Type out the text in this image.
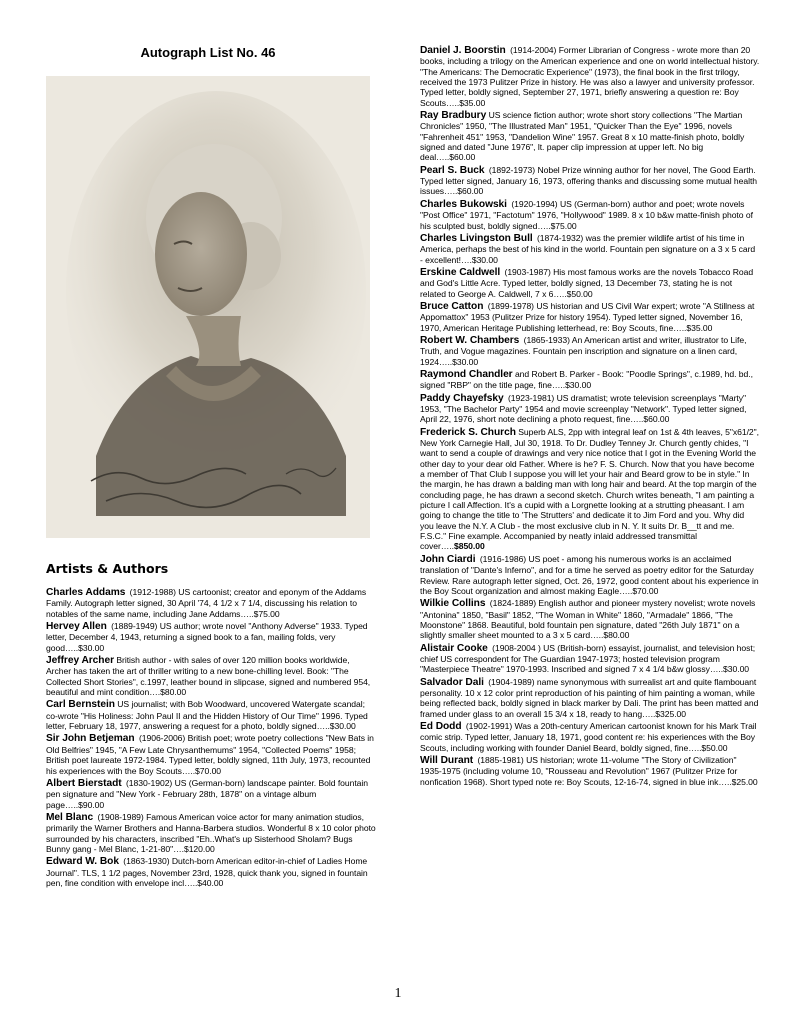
Autograph List No. 46
Artists & Authors
Charles Addams (1912-1988) US cartoonist; creator and eponym of the Addams Family. Autograph letter signed, 30 April '74, 4 1/2 x 7 1/4, discussing his relation to notables of the same name, including Jane Addams…..$75.00
Hervey Allen (1889-1949) US author; wrote novel "Anthony Adverse" 1933. Typed letter, December 4, 1943, returning a signed book to a fan, mailing folds, very good…..$30.00
Jeffrey Archer British author - with sales of over 120 million books worldwide, Archer has taken the art of thriller writing to a new bone-chilling level. Book: "The Collected Short Stories", c.1997, leather bound in slipcase, signed and numbered 954, beautiful and mint condition….$80.00
Carl Bernstein US journalist; with Bob Woodward, uncovered Watergate scandal; co-wrote "His Holiness: John Paul II and the Hidden History of Our Time" 1996. Typed letter, February 18, 1977, answering a request for a photo, boldly signed…..$30.00
Sir John Betjeman (1906-2006) British poet; wrote poetry collections "New Bats in Old Belfries" 1945, "A Few Late Chrysanthemums" 1954, "Collected Poems" 1958; British poet laureate 1972-1984. Typed letter, boldly signed, 11th July, 1973, recounted his experiences with the Boy Scouts…..$70.00
Albert Bierstadt (1830-1902) US (German-born) landscape painter. Bold fountain pen signature and "New York - February 28th, 1878" on a vintage album page…..$90.00
Mel Blanc (1908-1989) Famous American voice actor for many animation studios, primarily the Warner Brothers and Hanna-Barbera studios. Wonderful 8 x 10 color photo surrounded by his characters, inscribed "Eh..What's up Sisterhood Sholam? Bugs Bunny gang - Mel Blanc, 1-21-80"….$120.00
Edward W. Bok (1863-1930) Dutch-born American editor-in-chief of Ladies Home Journal". TLS, 1 1/2 pages, November 23rd, 1928, quick thank you, signed in fountain pen, fine condition with envelope incl…..$40.00
Daniel J. Boorstin (1914-2004) Former Librarian of Congress - wrote more than 20 books, including a trilogy on the American experience and one on world intellectual history. "The Americans: The Democratic Experience" (1973), the final book in the first trilogy, received the 1973 Pulitzer Prize in history. He was also a lawyer and university professor. Typed letter, boldly signed, September 27, 1971, briefly answering a question re: Boy Scouts…..$35.00
Ray Bradbury US science fiction author; wrote short story collections "The Martian Chronicles" 1950, "The Illustrated Man" 1951, "Quicker Than the Eye" 1996, novels "Fahrenheit 451" 1953, "Dandelion Wine" 1957. Great 8 x 10 matte-finish photo, boldly signed and dated "June 1976", lt. paper clip impression at upper left. No big deal…..$60.00
Pearl S. Buck (1892-1973) Nobel Prize winning author for her novel, The Good Earth. Typed letter signed, January 16, 1973, offering thanks and discussing some mutual health issues…..$60.00
Charles Bukowski (1920-1994) US (German-born) author and poet; wrote novels "Post Office" 1971, "Factotum" 1976, "Hollywood" 1989. 8 x 10 b&w matte-finish photo of his sculpted bust, boldly signed…..$75.00
Charles Livingston Bull (1874-1932) was the premier wildlife artist of his time in America, perhaps the best of his kind in the world. Fountain pen signature on a 3 x 5 card - excellent!….$30.00
Erskine Caldwell (1903-1987) His most famous works are the novels Tobacco Road and God's Little Acre. Typed letter, boldly signed, 13 December 73, stating he is not related to George A. Caldwell, 7 x 6…..$50.00
Bruce Catton (1899-1978) US historian and US Civil War expert; wrote "A Stillness at Appomattox" 1953 (Pulitzer Prize for history 1954). Typed letter signed, November 16, 1970, American Heritage Publishing letterhead, re: Boy Scouts, fine…..$35.00
Robert W. Chambers (1865-1933) An American artist and writer, illustrator to Life, Truth, and Vogue magazines. Fountain pen inscription and signature on a linen card, 1924…..$30.00
Raymond Chandler and Robert B. Parker - Book: "Poodle Springs", c.1989, hd. bd., signed "RBP" on the title page, fine…..$30.00
Paddy Chayefsky (1923-1981) US dramatist; wrote television screenplays "Marty" 1953, "The Bachelor Party" 1954 and movie screenplay "Network". Typed letter signed, April 22, 1976, short note declining a photo request, fine…..$60.00
Frederick S. Church Superb ALS, 2pp with integral leaf on 1st & 4th leaves, 5"x61/2", New York Carnegie Hall, Jul 30, 1918. To Dr. Dudley Tenney Jr. Church gently chides, "I want to send a couple of drawings and very nice notice that I got in the Evening World the other day to your dear old Father. Where is he? F. S. Church. Now that you have become a member of That Club I suppose you will let your hair and Beard grow to be in style." In the margin, he has drawn a balding man with long hair and beard. At the top margin of the concluding page, he has drawn a second sketch. Church writes beneath, "I am painting a picture I call Affection. It's a cupid with a Lorgnette looking at a strutting pheasant. I am going to change the title to 'The Strutters' and dedicate it to Jim Ford and you. Why did you leave the N.Y. A Club - the most exclusive club in N. Y. It suits Dr. B__tt and me. F.S.C." Fine example. Accompanied by neatly inlaid addressed transmittal cover…..$850.00
John Ciardi (1916-1986) US poet - among his numerous works is an acclaimed translation of "Dante's Inferno", and for a time he served as poetry editor for the Saturday Review. Rare autograph letter signed, Oct. 26, 1972, good content about his experience in the Boy Scout organization and almost making Eagle…..$70.00
Wilkie Collins (1824-1889) English author and pioneer mystery novelist; wrote novels "Antonina" 1850, "Basil" 1852, "The Woman in White" 1860, "Armadale" 1866, "The Moonstone" 1868. Beautiful, bold fountain pen signature, dated "26th July 1871" on a slightly smaller sheet mounted to a 3 x 5 card…..$80.00
Alistair Cooke (1908-2004 ) US (British-born) essayist, journalist, and television host; chief US correspondent for The Guardian 1947-1973; hosted television program "Masterpiece Theatre" 1970-1993. Inscribed and signed 7 x 4 1/4 b&w glossy…..$30.00
Salvador Dali (1904-1989) name synonymous with surrealist art and quite flambouant personality. 10 x 12 color print reproduction of his painting of him painting a woman, while being reflected back, boldly signed in black marker by Dali. The print has been matted and framed under glass to an overall 15 3/4 x 18, ready to hang…..$325.00
Ed Dodd (1902-1991) Was a 20th-century American cartoonist known for his Mark Trail comic strip. Typed letter, January 18, 1971, good content re: his experiences with the Boy Scouts, including working with founder Daniel Beard, boldly signed, fine…..$50.00
Will Durant (1885-1981) US historian; wrote 11-volume "The Story of Civilization" 1935-1975 (including volume 10, "Rousseau and Revolution" 1967 (Pulitzer Prize for nonfication 1968). Short typed note re: Boy Scouts, 12-16-74, signed in blue ink…..$25.00
1
